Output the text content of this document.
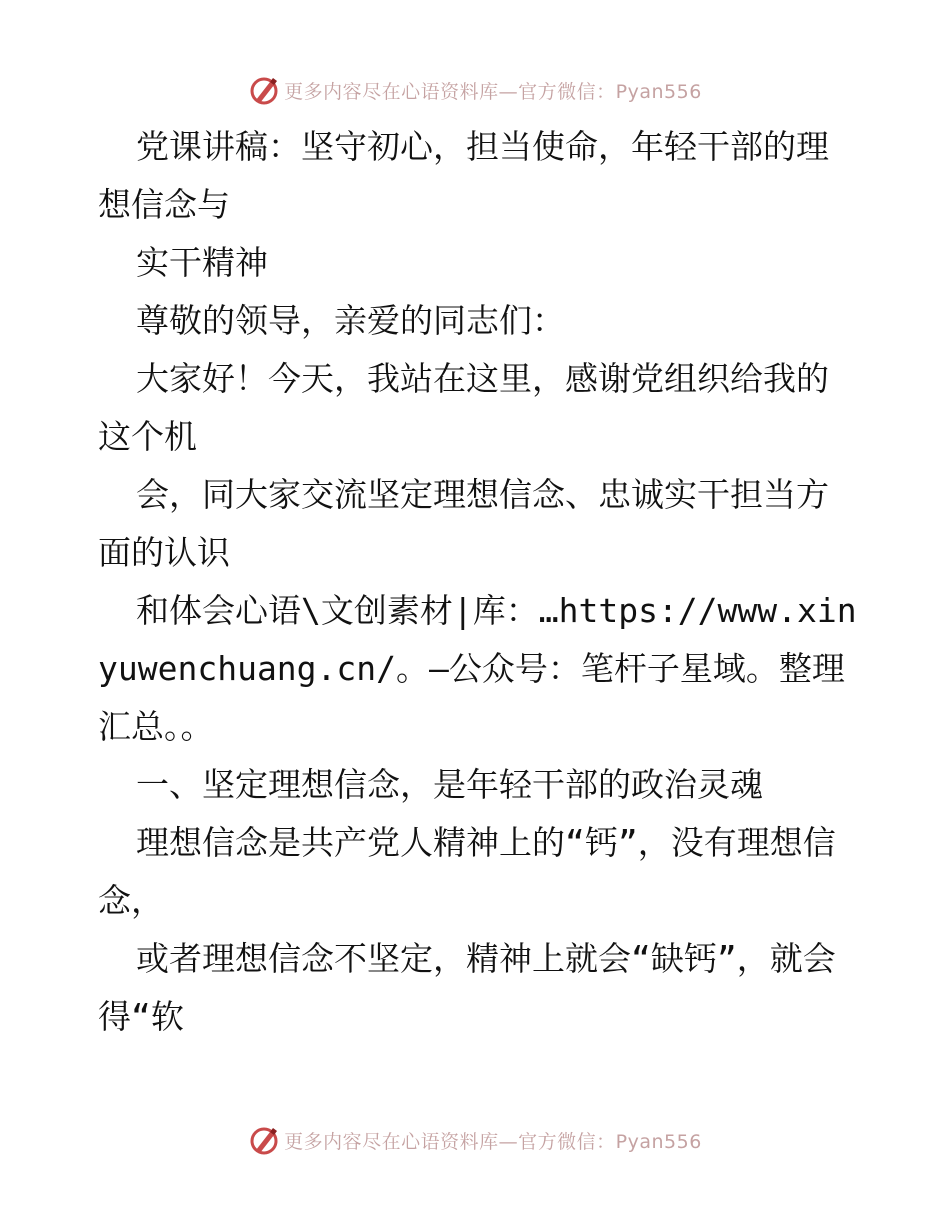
更多内容尽在心语资料库—官方微信：Pyan556

党课讲稿：坚守初心，担当使命，年轻干部的理想信念与

实干精神

尊敬的领导，亲爱的同志们：

大家好！今天，我站在这里，感谢党组织给我的这个机

会，同大家交流坚定理想信念、忠诚实干担当方面的认识

和体会心语\文创素材|库：…https://www.xinyuwenchuang.cn/。—公众号：笔杆子星域。整理汇总。。

一、坚定理想信念，是年轻干部的政治灵魂

理想信念是共产党人精神上的“钙”，没有理想信念，

或者理想信念不坚定，精神上就会“缺钙”，就会得“软

更多内容尽在心语资料库—官方微信：Pyan556
